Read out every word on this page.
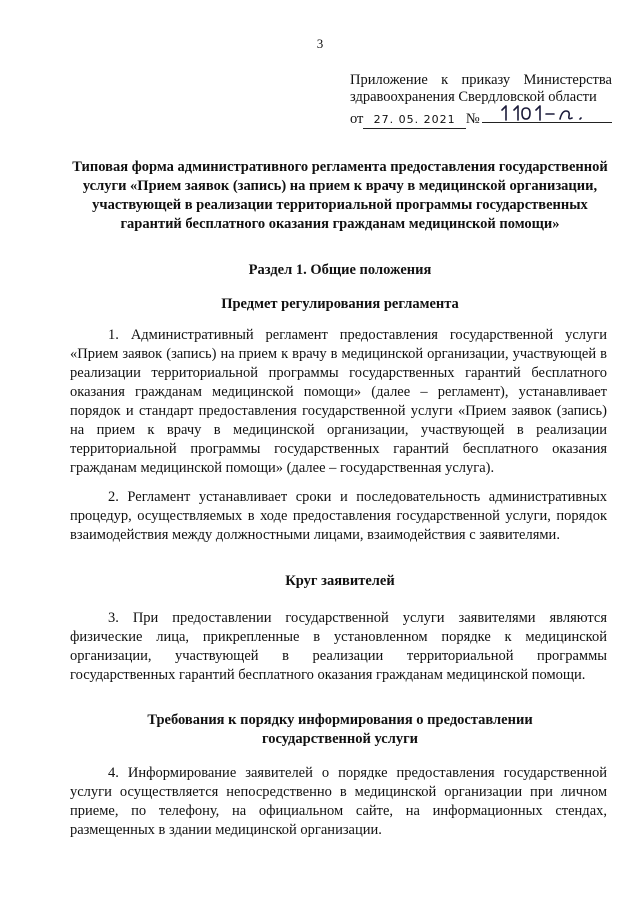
3
Приложение к приказу Министерства
здравоохранения Свердловской области
от 27. 05. 2021 №
Типовая форма административного регламента предоставления государственной услуги «Прием заявок (запись) на прием к врачу в медицинской организации, участвующей в реализации территориальной программы государственных гарантий бесплатного оказания гражданам медицинской помощи»
Раздел 1. Общие положения
Предмет регулирования регламента

1. Административный регламент предоставления государственной услуги «Прием заявок (запись) на прием к врачу в медицинской организации, участвующей в реализации территориальной программы государственных гарантий бесплатного оказания гражданам медицинской помощи» (далее – регламент), устанавливает порядок и стандарт предоставления государственной услуги «Прием заявок (запись) на прием к врачу в медицинской организации, участвующей в реализации территориальной программы государственных гарантий бесплатного оказания гражданам медицинской помощи» (далее – государственная услуга).

2. Регламент устанавливает сроки и последовательность административных процедур, осуществляемых в ходе предоставления государственной услуги, порядок взаимодействия между должностными лицами, взаимодействия с заявителями.

Круг заявителей

3. При предоставлении государственной услуги заявителями являются физические лица, прикрепленные в установленном порядке к медицинской организации, участвующей в реализации территориальной программы государственных гарантий бесплатного оказания гражданам медицинской помощи.

Требования к порядку информирования о предоставлении
государственной услуги

4. Информирование заявителей о порядке предоставления государственной услуги осуществляется непосредственно в медицинской организации при личном приеме, по телефону, на официальном сайте, на информационных стендах, размещенных в здании медицинской организации.
